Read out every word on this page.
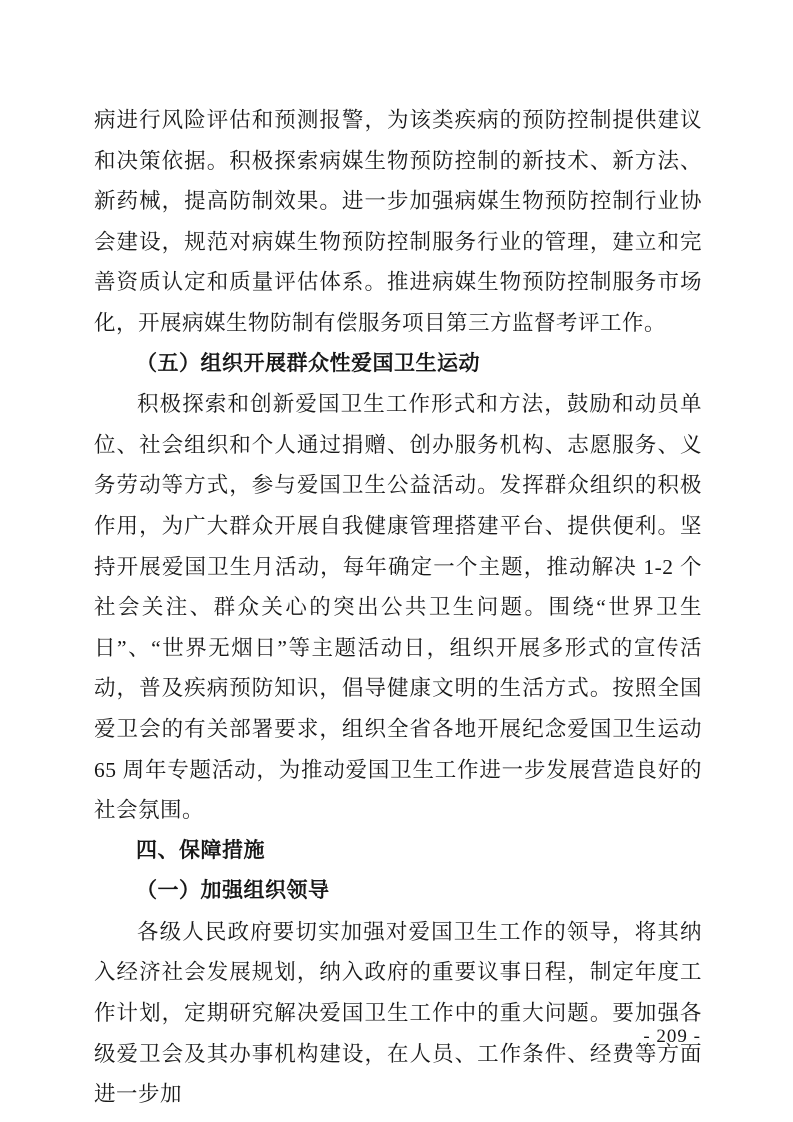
病进行风险评估和预测报警，为该类疾病的预防控制提供建议和决策依据。积极探索病媒生物预防控制的新技术、新方法、新药械，提高防制效果。进一步加强病媒生物预防控制行业协会建设，规范对病媒生物预防控制服务行业的管理，建立和完善资质认定和质量评估体系。推进病媒生物预防控制服务市场化，开展病媒生物防制有偿服务项目第三方监督考评工作。

（五）组织开展群众性爱国卫生运动

积极探索和创新爱国卫生工作形式和方法，鼓励和动员单位、社会组织和个人通过捐赠、创办服务机构、志愿服务、义务劳动等方式，参与爱国卫生公益活动。发挥群众组织的积极作用，为广大群众开展自我健康管理搭建平台、提供便利。坚持开展爱国卫生月活动，每年确定一个主题，推动解决 1-2 个社会关注、群众关心的突出公共卫生问题。围绕“世界卫生日”、“世界无烟日”等主题活动日，组织开展多形式的宣传活动，普及疾病预防知识，倡导健康文明的生活方式。按照全国爱卫会的有关部署要求，组织全省各地开展纪念爱国卫生运动 65 周年专题活动，为推动爱国卫生工作进一步发展营造良好的社会氛围。

四、保障措施

（一）加强组织领导

各级人民政府要切实加强对爱国卫生工作的领导，将其纳入经济社会发展规划，纳入政府的重要议事日程，制定年度工作计划，定期研究解决爱国卫生工作中的重大问题。要加强各级爱卫会及其办事机构建设，在人员、工作条件、经费等方面进一步加

- 209 -
